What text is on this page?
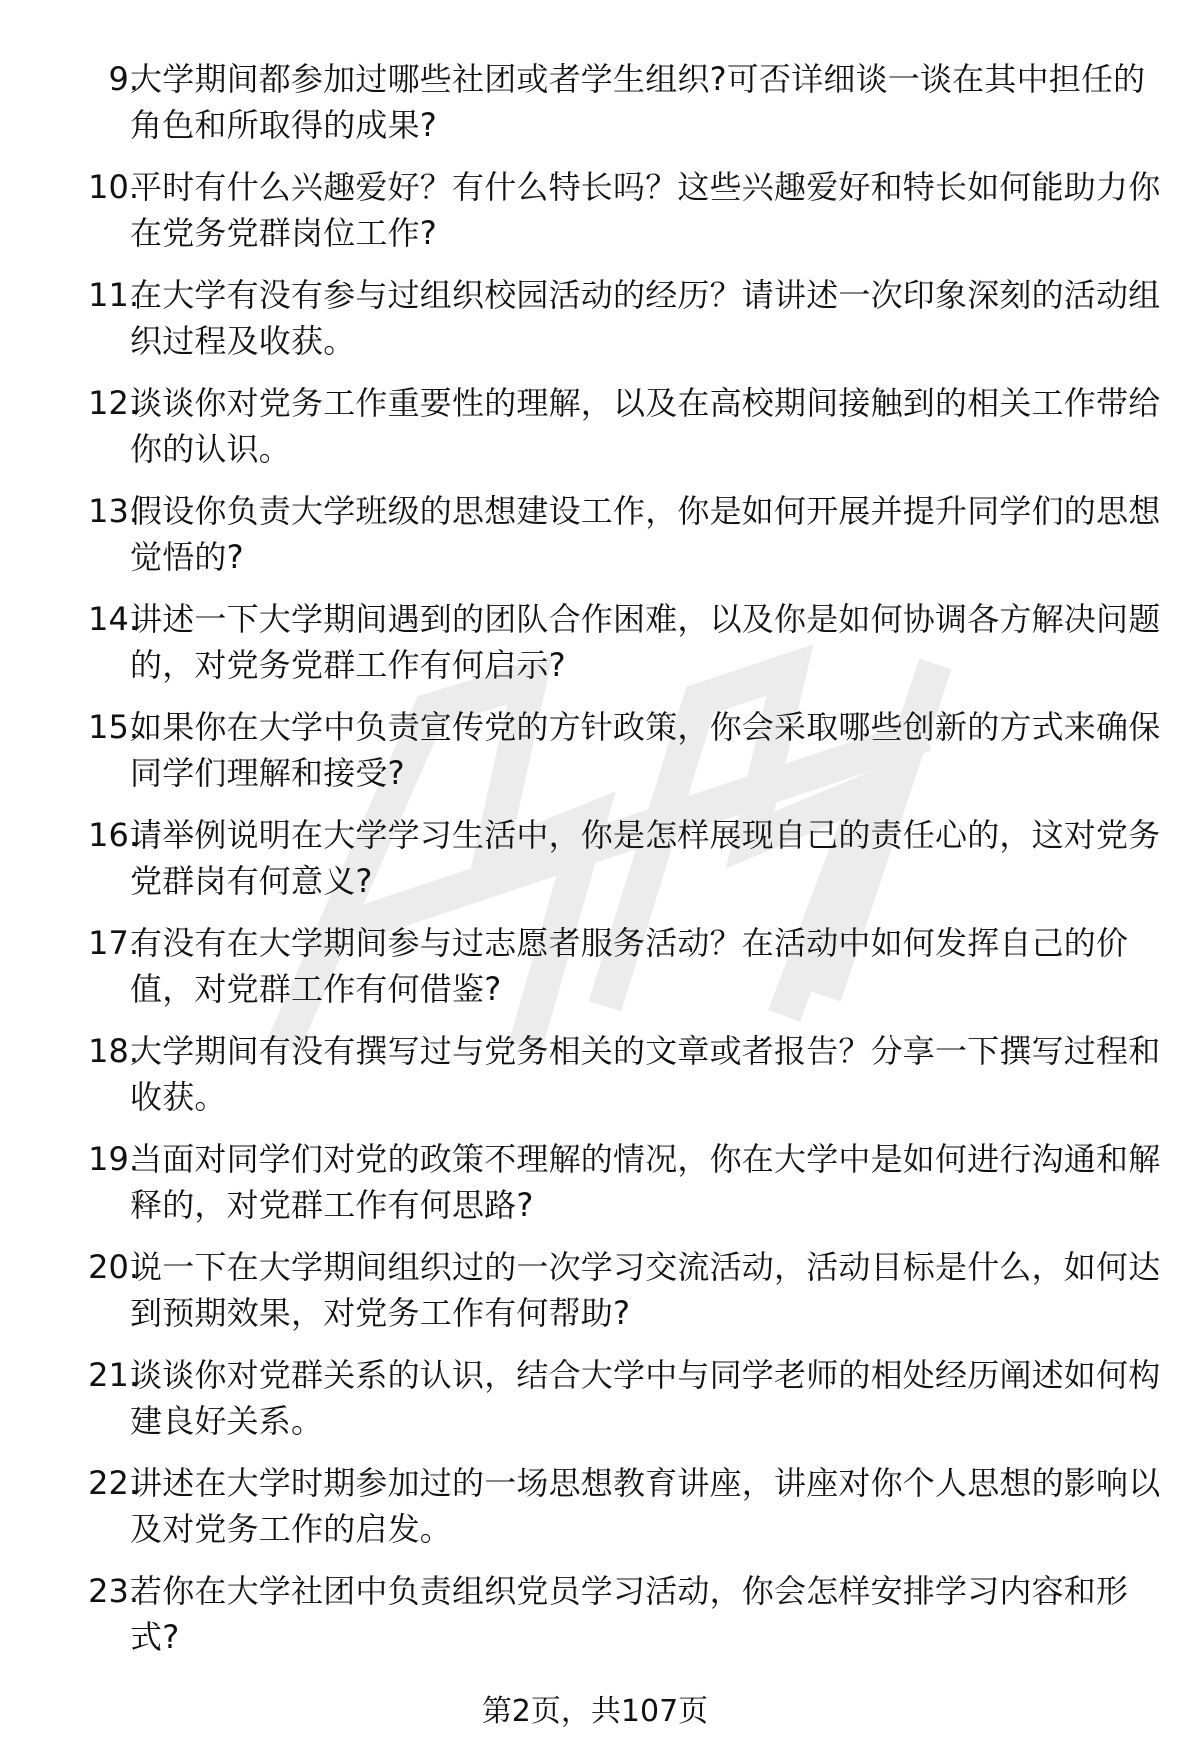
9.
大学期间都参加过哪些社团或者学生组织?可否详细谈一谈在其中担任的角色和所取得的成果?
10.
平时有什么兴趣爱好？有什么特长吗？这些兴趣爱好和特长如何能助力你在党务党群岗位工作?
11.
在大学有没有参与过组织校园活动的经历？请讲述一次印象深刻的活动组织过程及收获。
12.
谈谈你对党务工作重要性的理解，以及在高校期间接触到的相关工作带给你的认识。
13.
假设你负责大学班级的思想建设工作，你是如何开展并提升同学们的思想觉悟的?
14.
讲述一下大学期间遇到的团队合作困难，以及你是如何协调各方解决问题的，对党务党群工作有何启示?
15.
如果你在大学中负责宣传党的方针政策，你会采取哪些创新的方式来确保同学们理解和接受?
16.
请举例说明在大学学习生活中，你是怎样展现自己的责任心的，这对党务党群岗有何意义?
17.
有没有在大学期间参与过志愿者服务活动？在活动中如何发挥自己的价值，对党群工作有何借鉴?
18.
大学期间有没有撰写过与党务相关的文章或者报告？分享一下撰写过程和收获。
19.
当面对同学们对党的政策不理解的情况，你在大学中是如何进行沟通和解释的，对党群工作有何思路?
20.
说一下在大学期间组织过的一次学习交流活动，活动目标是什么，如何达到预期效果，对党务工作有何帮助?
21.
谈谈你对党群关系的认识，结合大学中与同学老师的相处经历阐述如何构建良好关系。
22.
讲述在大学时期参加过的一场思想教育讲座，讲座对你个人思想的影响以及对党务工作的启发。
23.
若你在大学社团中负责组织党员学习活动，你会怎样安排学习内容和形式?
第2页，共107页
